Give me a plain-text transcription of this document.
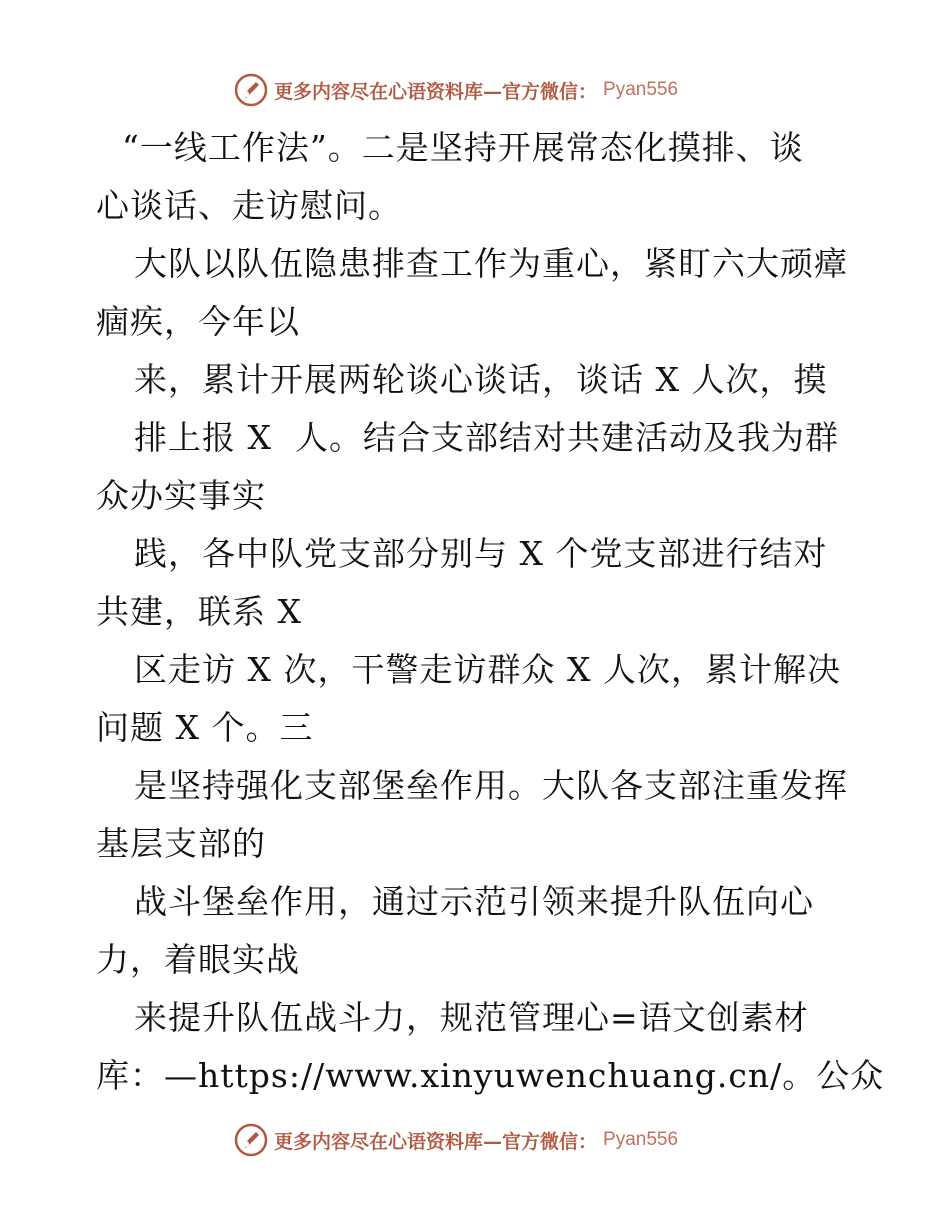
更多内容尽在心语资料库—官方微信： Pyan556
“一线工作法”。二是坚持开展常态化摸排、谈
心谈话、走访慰问。
大队以队伍隐患排查工作为重心，紧盯六大顽瘴
痼疾，今年以
来，累计开展两轮谈心谈话，谈话 X 人次，摸
排上报 X  人。结合支部结对共建活动及我为群
众办实事实
践，各中队党支部分别与 X 个党支部进行结对
共建，联系 X
区走访 X 次，干警走访群众 X 人次，累计解决
问题 X 个。三
是坚持强化支部堡垒作用。大队各支部注重发挥
基层支部的
战斗堡垒作用，通过示范引领来提升队伍向心
力，着眼实战
来提升队伍战斗力，规范管理心=语文创素材
库：—https://www.xinyuwenchuang.cn/。公众
更多内容尽在心语资料库—官方微信： Pyan556
